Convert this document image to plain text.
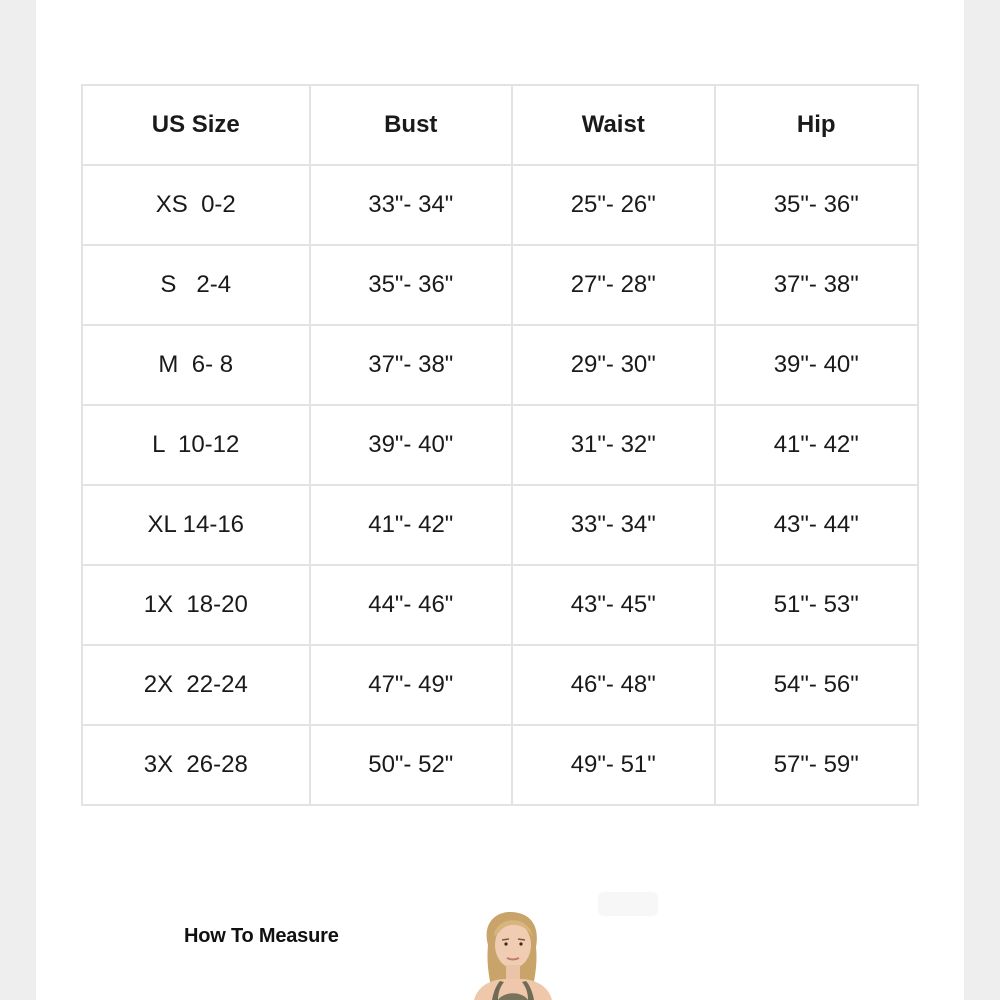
US Size	Bust	Waist	Hip
XS  0-2	33"- 34"	25"- 26"	35"- 36"
S   2-4	35"- 36"	27"- 28"	37"- 38"
M  6- 8	37"- 38"	29"- 30"	39"- 40"
L  10-12	39"- 40"	31"- 32"	41"- 42"
XL 14-16	41"- 42"	33"- 34"	43"- 44"
1X  18-20	44"- 46"	43"- 45"	51"- 53"
2X  22-24	47"- 49"	46"- 48"	54"- 56"
3X  26-28	50"- 52"	49"- 51"	57"- 59"
How To Measure
